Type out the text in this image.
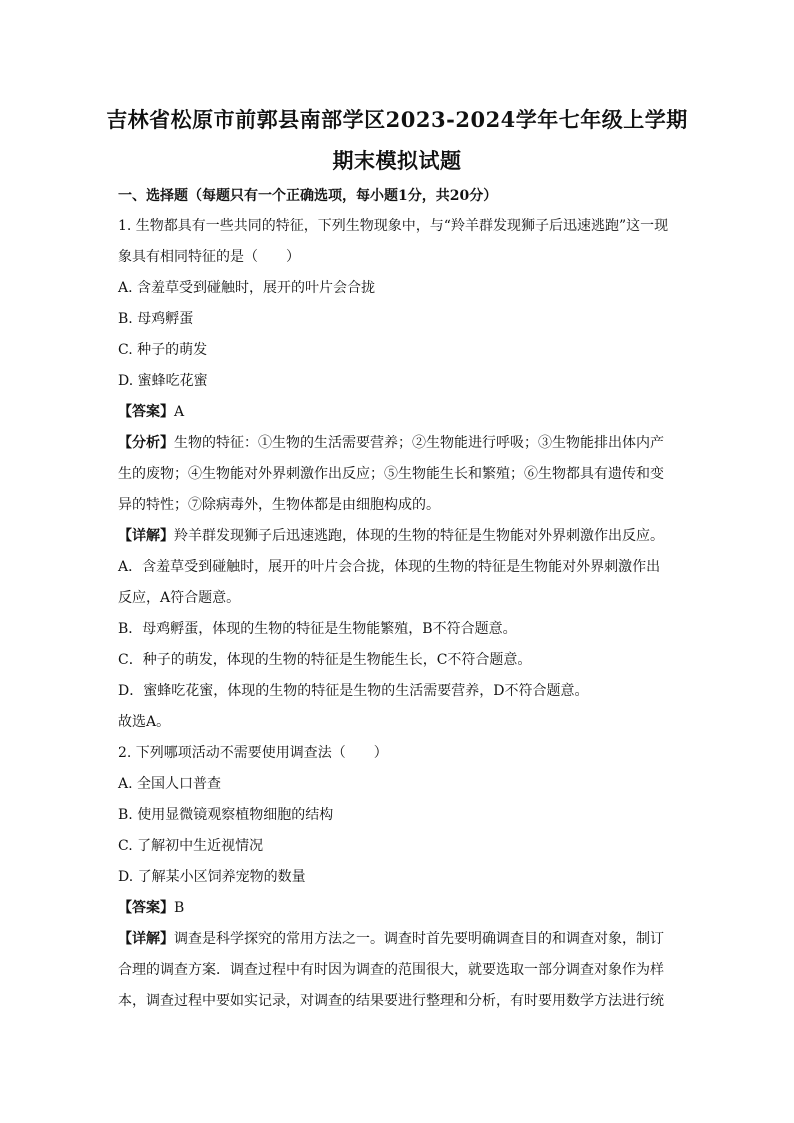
吉林省松原市前郭县南部学区2023-2024学年七年级上学期
期末模拟试题
一、选择题（每题只有一个正确选项，每小题1分，共20分）
1. 生物都具有一些共同的特征，下列生物现象中，与“羚羊群发现狮子后迅速逃跑”这一现
象具有相同特征的是（　　）
A. 含羞草受到碰触时，展开的叶片会合拢
B. 母鸡孵蛋
C. 种子的萌发
D. 蜜蜂吃花蜜
【答案】A
【分析】生物的特征：①生物的生活需要营养；②生物能进行呼吸；③生物能排出体内产
生的废物；④生物能对外界刺激作出反应；⑤生物能生长和繁殖；⑥生物都具有遗传和变
异的特性；⑦除病毒外，生物体都是由细胞构成的。
【详解】羚羊群发现狮子后迅速逃跑，体现的生物的特征是生物能对外界刺激作出反应。
A．含羞草受到碰触时，展开的叶片会合拢，体现的生物的特征是生物能对外界刺激作出
反应，A符合题意。
B．母鸡孵蛋，体现的生物的特征是生物能繁殖，B不符合题意。
C．种子的萌发，体现的生物的特征是生物能生长，C不符合题意。
D．蜜蜂吃花蜜，体现的生物的特征是生物的生活需要营养，D不符合题意。
故选A。
2. 下列哪项活动不需要使用调查法（　　）
A. 全国人口普查
B. 使用显微镜观察植物细胞的结构
C. 了解初中生近视情况
D. 了解某小区饲养宠物的数量
【答案】B
【详解】调查是科学探究的常用方法之一。调查时首先要明确调查目的和调查对象，制订
合理的调查方案．调查过程中有时因为调查的范围很大，就要选取一部分调查对象作为样
本，调查过程中要如实记录，对调查的结果要进行整理和分析，有时要用数学方法进行统
